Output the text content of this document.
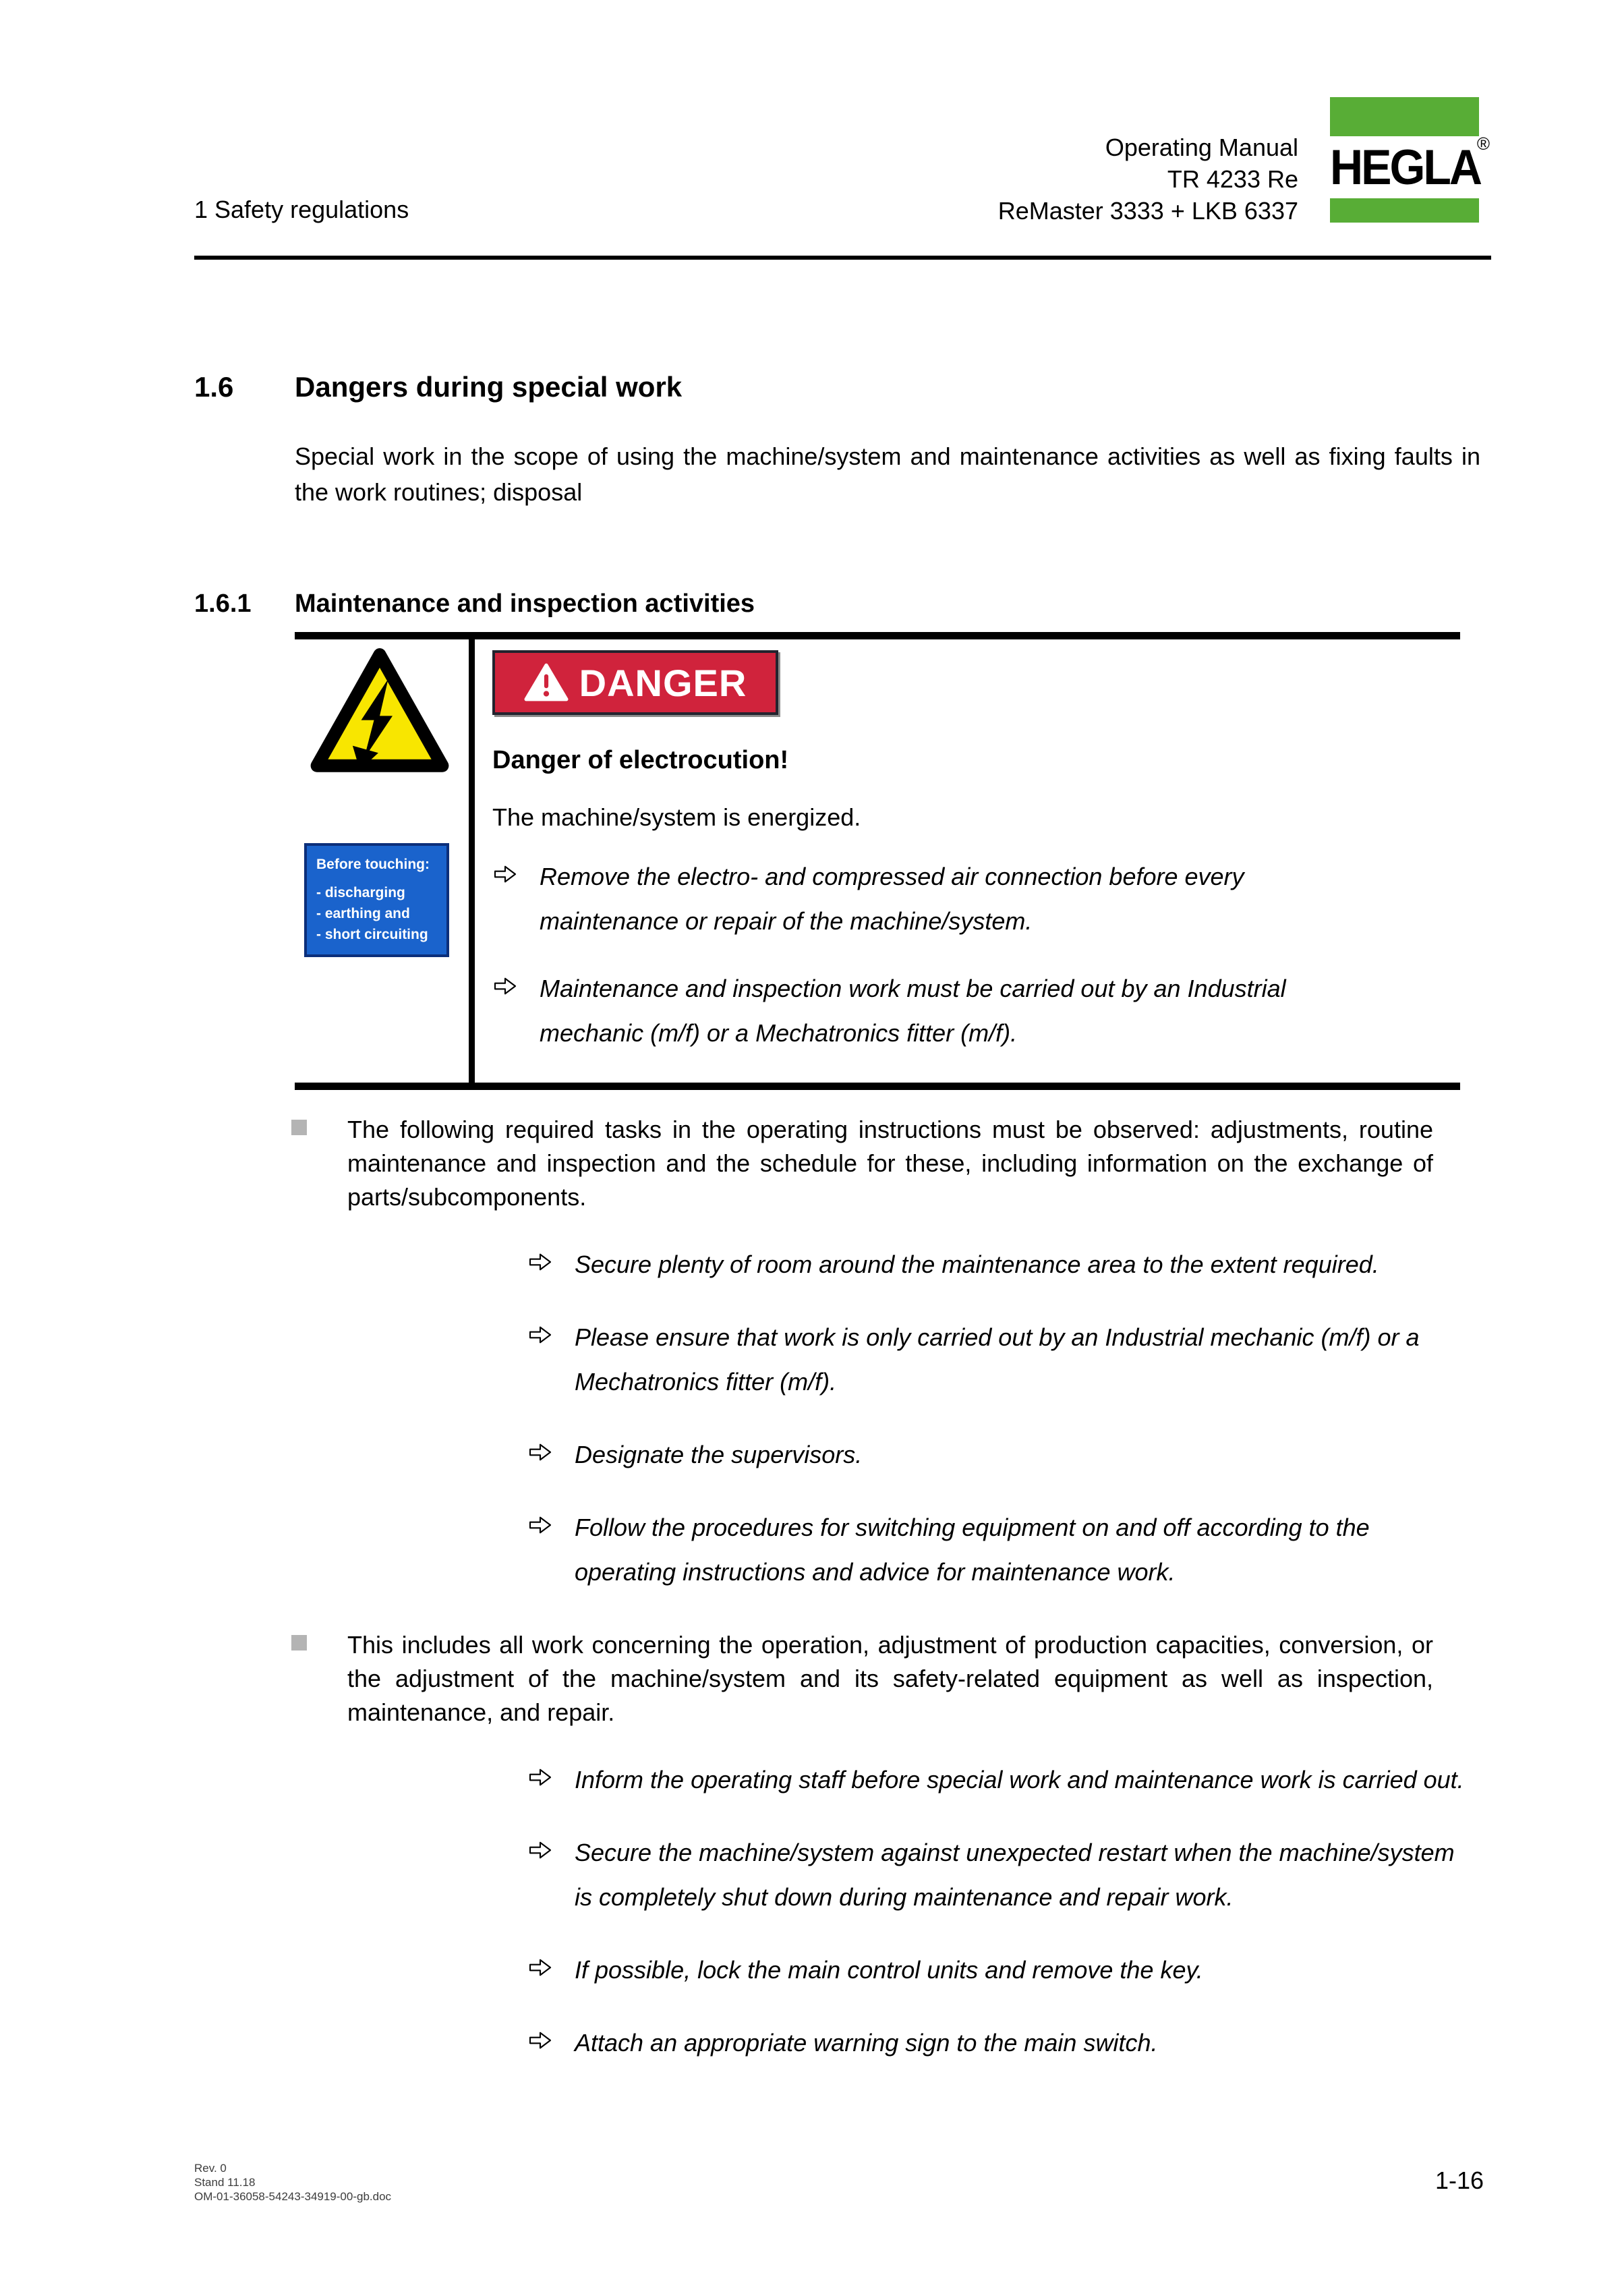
1 Safety regulations
Operating Manual
TR 4233 Re
ReMaster 3333 + LKB 6337
HEGLA
®
1.6	Dangers during special work

Special work in the scope of using the machine/system and maintenance activities as well as fixing faults in the work routines; disposal

1.6.1	Maintenance and inspection activities
Before touching:
- discharging
- earthing and
- short circuiting
DANGER
Danger of electrocution!
The machine/system is energized.

Remove the electro- and compressed air connection before every maintenance or repair of the machine/system.

Maintenance and inspection work must be carried out by an Industrial mechanic (m/f) or a Mechatronics fitter (m/f).

The following required tasks in the operating instructions must be observed: adjustments, routine maintenance and inspection and the schedule for these, including information on the exchange of parts/subcomponents.

Secure plenty of room around the maintenance area to the extent required.

Please ensure that work is only carried out by an Industrial mechanic (m/f) or a Mechatronics fitter (m/f).

Designate the supervisors.

Follow the procedures for switching equipment on and off according to the operating instructions and advice for maintenance work.

This includes all work concerning the operation, adjustment of production capacities, conversion, or the adjustment of the machine/system and its safety-related equipment as well as inspection, maintenance, and repair.

Inform the operating staff before special work and maintenance work is carried out.

Secure the machine/system against unexpected restart when the machine/system is completely shut down during maintenance and repair work.

If possible, lock the main control units and remove the key.

Attach an appropriate warning sign to the main switch.

Rev. 0
Stand 11.18
OM-01-36058-54243-34919-00-gb.doc
1-16
